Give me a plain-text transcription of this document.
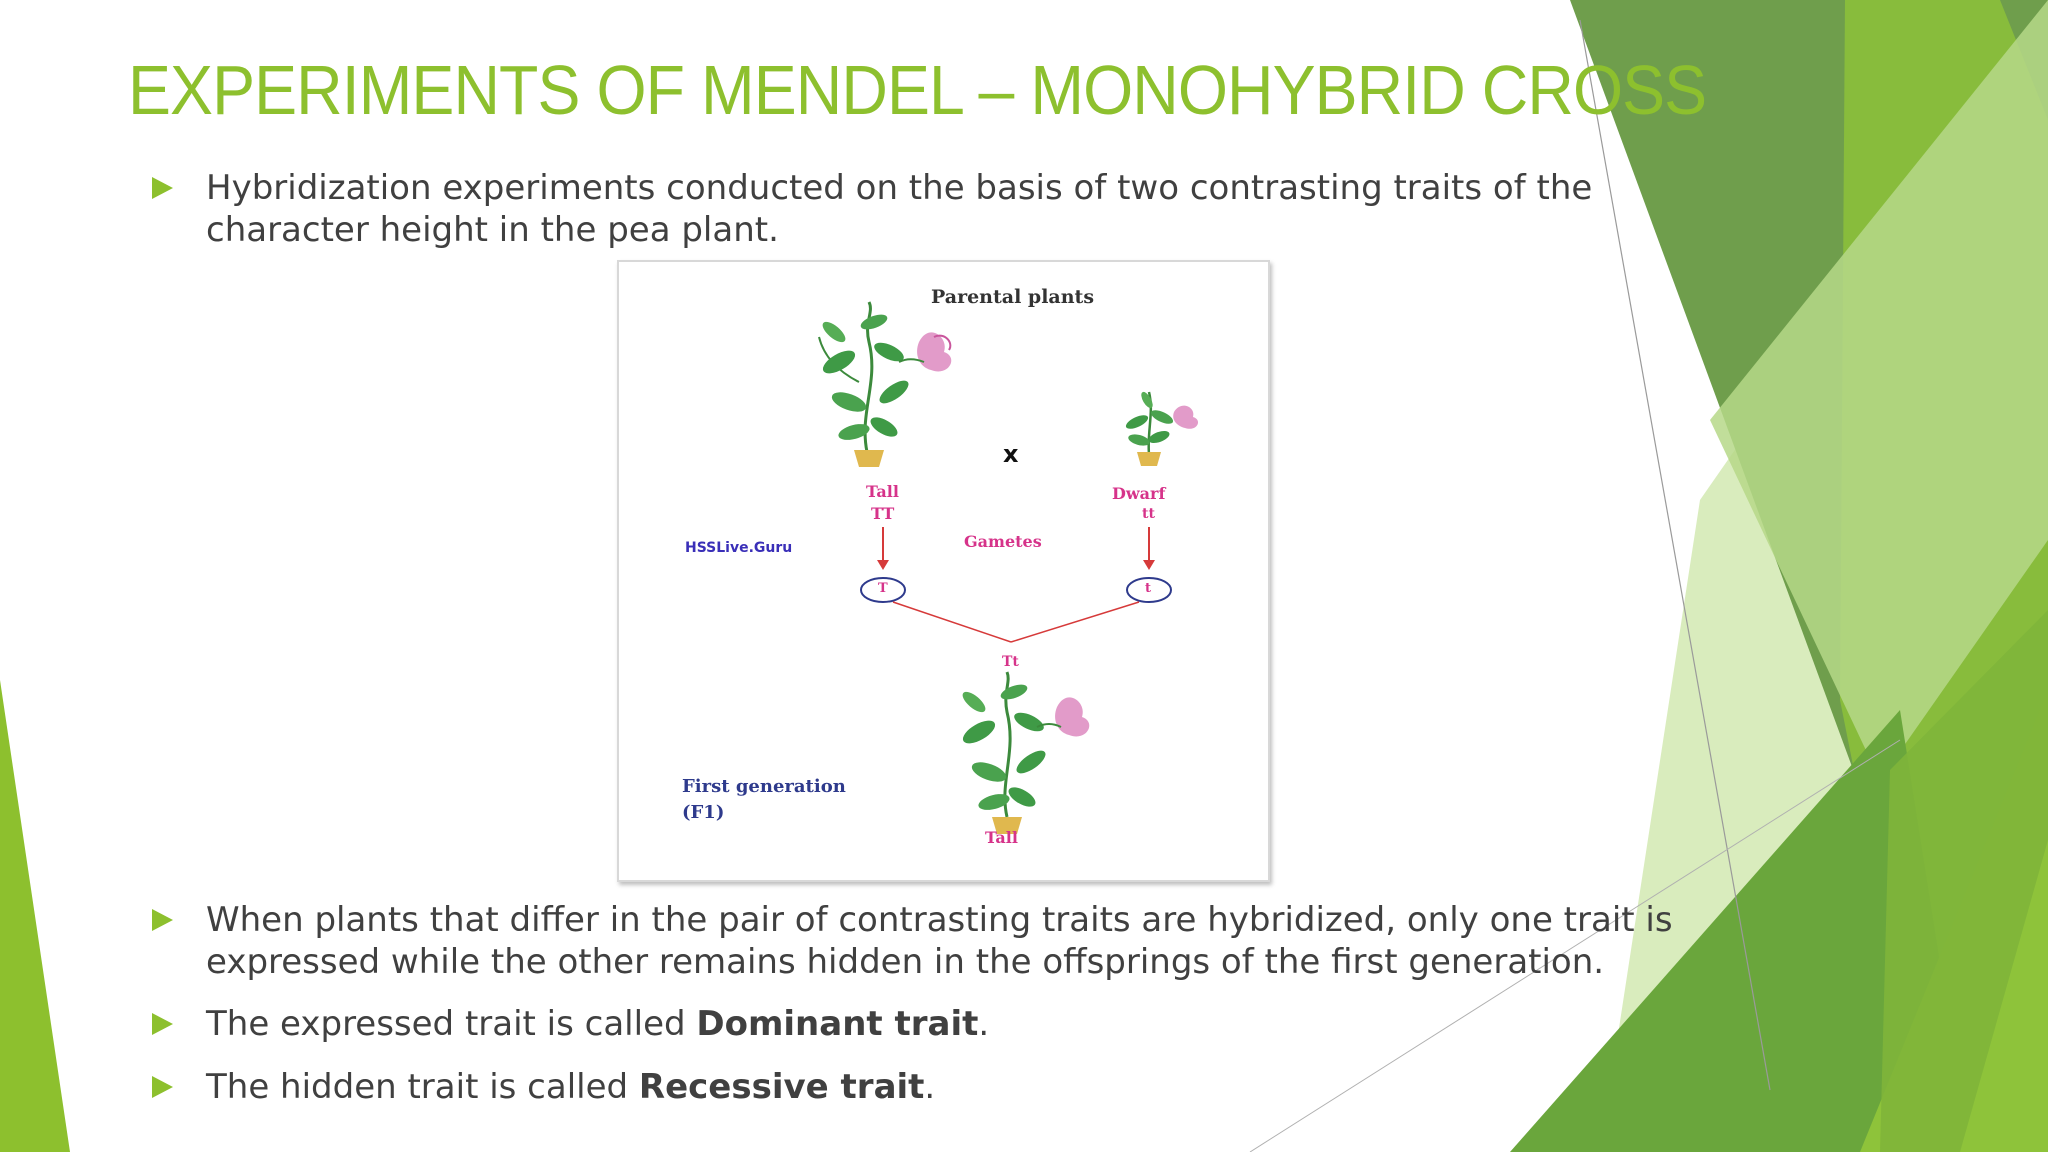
EXPERIMENTS OF MENDEL – MONOHYBRID CROSS
Hybridization experiments conducted on the basis of two contrasting traits of the
character height in the pea plant.
Parental plants
x
Tall
TT
Dwarf
tt
Gametes
HSSLive.Guru
T	t
Tt
First generation
(F1)
Tall
When plants that differ in the pair of contrasting traits are hybridized, only one trait is
expressed while the other remains hidden in the offsprings of the first generation.
The expressed trait is called Dominant trait.
The hidden trait is called Recessive trait.
